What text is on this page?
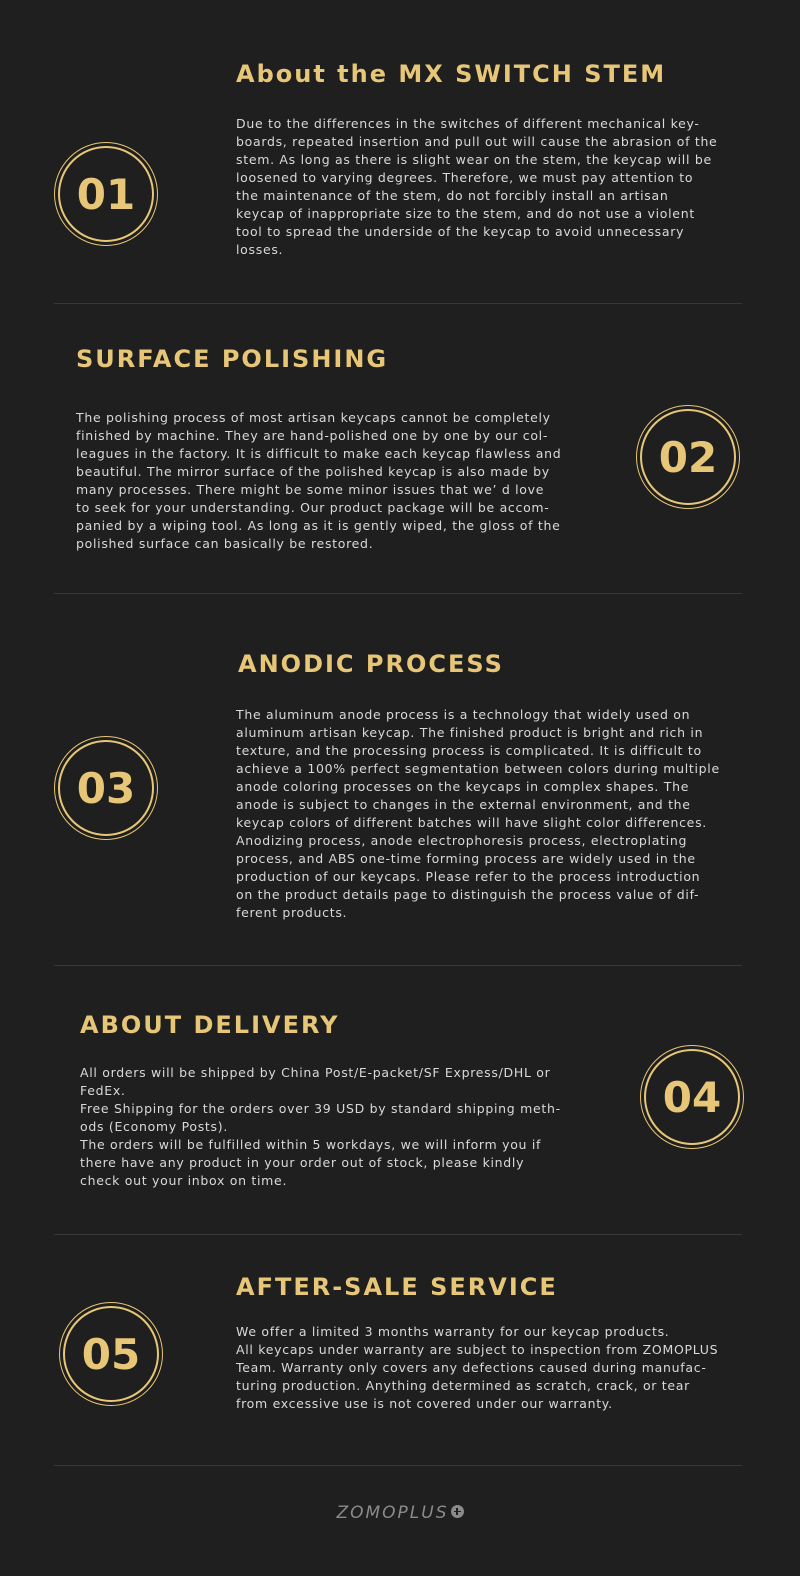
01
About the MX SWITCH STEM

Due to the differences in the switches of different mechanical key-boards, repeated insertion and pull out will cause the abrasion of the stem. As long as there is slight wear on the stem, the keycap will be loosened to varying degrees. Therefore, we must pay attention to the maintenance of the stem, do not forcibly install an artisan keycap of inappropriate size to the stem, and do not use a violent tool to spread the underside of the keycap to avoid unnecessary losses.

02
SURFACE POLISHING

The polishing process of most artisan keycaps cannot be completely finished by machine. They are hand-polished one by one by our col-leagues in the factory. It is difficult to make each keycap flawless and beautiful. The mirror surface of the polished keycap is also made by many processes. There might be some minor issues that we’ d love to seek for your understanding. Our product package will be accom-panied by a wiping tool. As long as it is gently wiped, the gloss of the polished surface can basically be restored.

03
ANODIC PROCESS

The aluminum anode process is a technology that widely used on aluminum artisan keycap. The finished product is bright and rich in texture, and the processing process is complicated. It is difficult to achieve a 100% perfect segmentation between colors during multiple anode coloring processes on the keycaps in complex shapes. The anode is subject to changes in the external environment, and the keycap colors of different batches will have slight color differences. Anodizing process, anode electrophoresis process, electroplating process, and ABS one-time forming process are widely used in the production of our keycaps. Please refer to the process introduction on the product details page to distinguish the process value of dif-ferent products.

04
ABOUT DELIVERY

All orders will be shipped by China Post/E-packet/SF Express/DHL or FedEx.

Free Shipping for the orders over 39 USD by standard shipping meth-ods (Economy Posts).

The orders will be fulfilled within 5 workdays, we will inform you if there have any product in your order out of stock, please kindly check out your inbox on time.

05
AFTER-SALE SERVICE

We offer a limited 3 months warranty for our keycap products.

All keycaps under warranty are subject to inspection from ZOMOPLUS Team. Warranty only covers any defections caused during manufac-turing production. Anything determined as scratch, crack, or tear from excessive use is not covered under our warranty.

ZOMOPLUS
